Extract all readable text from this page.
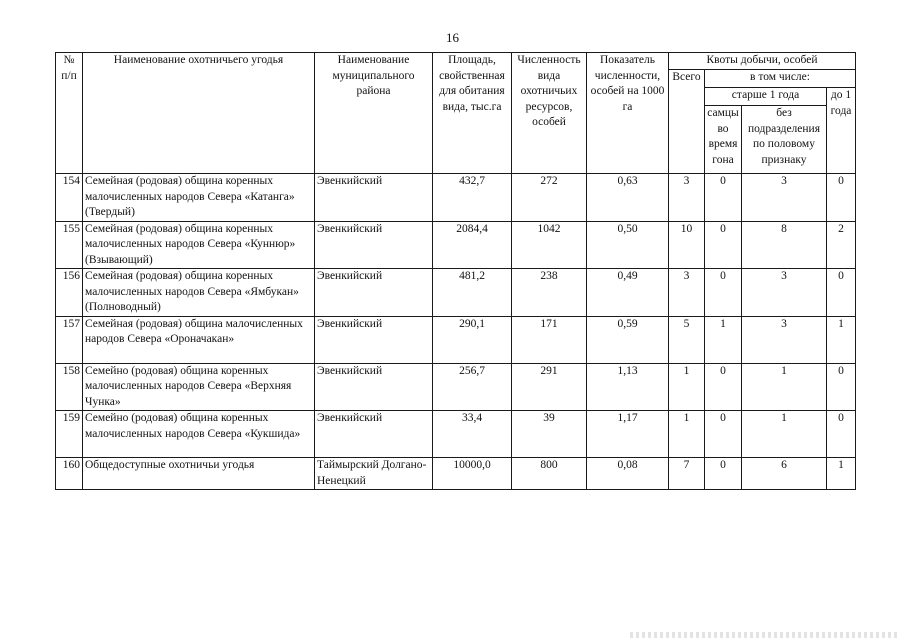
16
№ п/п	Наименование охотничьего угодья	Наименование муниципального района	Площадь, свойственная для обитания вида, тыс.га	Численность вида охотничьих ресурсов, особей	Показатель численности, особей на 1000 га	Квоты добычи, особей			
						Всего	в том числе:		
							старше 1 года		до 1 года
							самцы во время гона	без подразделения по половому признаку	
154	Семейная (родовая) община коренных малочисленных народов Севера «Катанга» (Твердый)	Эвенкийский	432,7	272	0,63	3	0	3	0
155	Семейная (родовая) община коренных малочисленных народов Севера «Куннюр» (Взывающий)	Эвенкийский	2084,4	1042	0,50	10	0	8	2
156	Семейная (родовая) община коренных малочисленных народов Севера «Ямбукан» (Полноводный)	Эвенкийский	481,2	238	0,49	3	0	3	0
157	Семейная (родовая) община малочисленных народов Севера «Ороначакан»	Эвенкийский	290,1	171	0,59	5	1	3	1
158	Семейно (родовая) община коренных малочисленных народов Севера «Верхняя Чунка»	Эвенкийский	256,7	291	1,13	1	0	1	0
159	Семейно (родовая) община коренных малочисленных народов Севера «Кукшида»	Эвенкийский	33,4	39	1,17	1	0	1	0
160	Общедоступные охотничьи угодья	Таймырский Долгано-Ненецкий	10000,0	800	0,08	7	0	6	1
